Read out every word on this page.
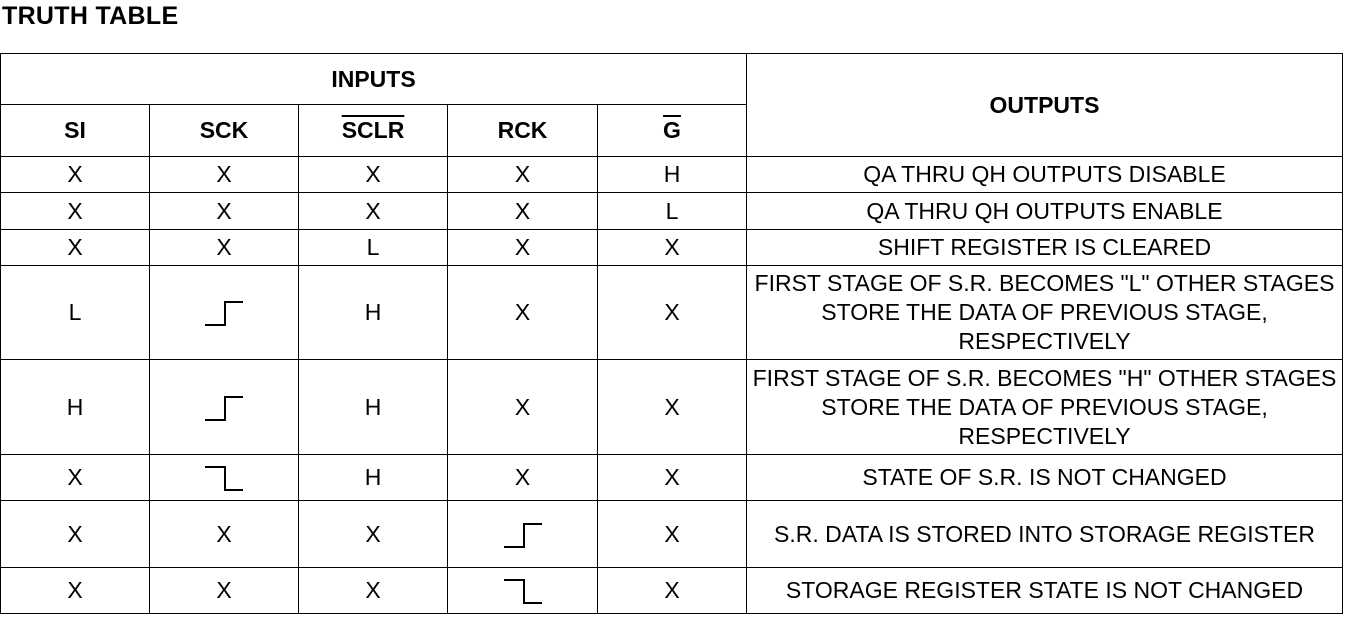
TRUTH TABLE
INPUTS					OUTPUTS
SI	SCK	SCLR	RCK	$\overline{G}$
X	X	X	X	H	QA THRU QH OUTPUTS DISABLE
X	X	X	X	L	QA THRU QH OUTPUTS ENABLE
X	X	L	X	X	SHIFT REGISTER IS CLEARED
L		H	X	X	FIRST STAGE OF S.R. BECOMES "L" OTHER STAGES STORE THE DATA OF PREVIOUS STAGE, RESPECTIVELY
H		H	X	X	FIRST STAGE OF S.R. BECOMES "H" OTHER STAGES STORE THE DATA OF PREVIOUS STAGE, RESPECTIVELY
X		H	X	X	STATE OF S.R. IS NOT CHANGED
X	X	X		X	S.R. DATA IS STORED INTO STORAGE REGISTER
X	X	X		X	STORAGE REGISTER STATE IS NOT CHANGED
